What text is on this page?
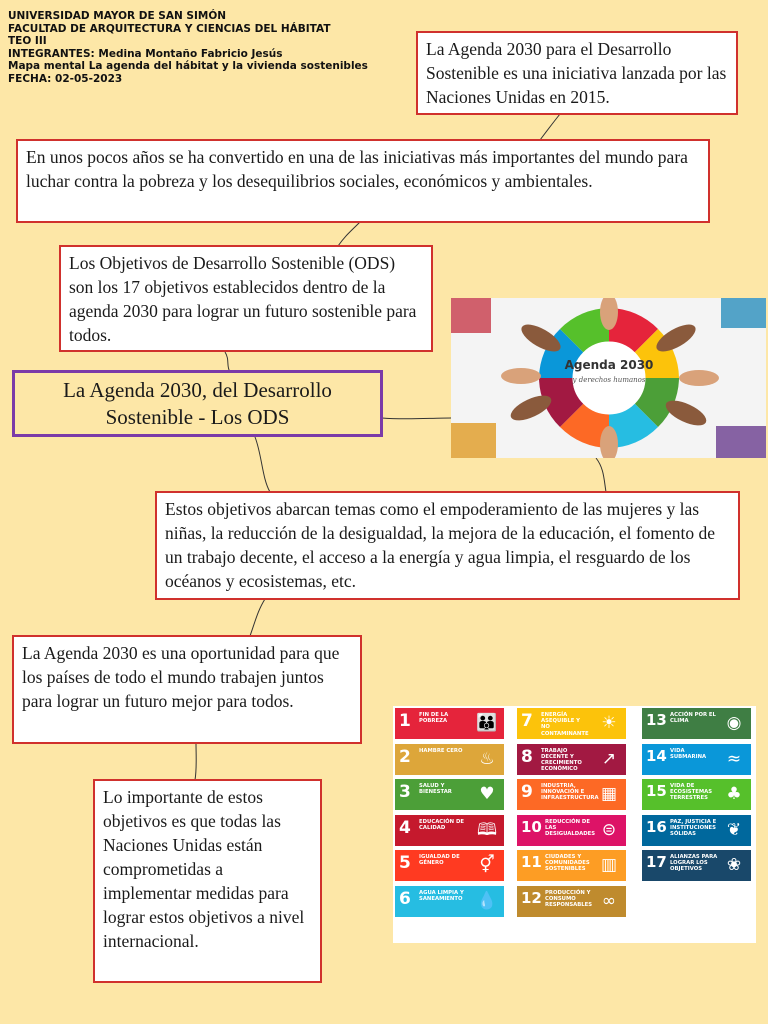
UNIVERSIDAD MAYOR DE SAN SIMÓN
FACULTAD DE ARQUITECTURA Y CIENCIAS DEL HÁBITAT
TEO III
INTEGRANTES: Medina Montaño Fabricio Jesús
Mapa mental La agenda del hábitat y la vivienda sostenibles
FECHA: 02-05-2023
La Agenda 2030 para el Desarrollo Sostenible es una iniciativa lanzada por las Naciones Unidas en 2015.
En unos pocos años se ha convertido en una de las iniciativas más importantes del mundo para luchar contra la pobreza y los desequilibrios sociales, económicos y ambientales.
Los Objetivos de Desarrollo Sostenible (ODS) son los 17 objetivos establecidos dentro de la agenda 2030 para lograr un futuro sostenible para todos.
La Agenda 2030, del Desarrollo Sostenible - Los ODS
Estos objetivos abarcan temas como el empoderamiento de las mujeres y las niñas, la reducción de la desigualdad, la mejora de la educación, el fomento de un trabajo decente, el acceso a la energía y agua limpia, el resguardo de los océanos y ecosistemas, etc.
La Agenda 2030 es una oportunidad para que los países de todo el mundo trabajen juntos para lograr un futuro mejor para todos.
Lo importante de estos objetivos es que todas las Naciones Unidas están comprometidas a implementar medidas para lograr estos objetivos a nivel internacional.
Agenda 2030
y derechos humanos
1 FIN DE LA POBREZA	👪
2 HAMBRE CERO ♨
3 SALUD Y BIENESTAR	♥
4 EDUCACIÓN DE CALIDAD	🕮
5 IGUALDAD DE GÉNERO	⚥
6 AGUA LIMPIA Y SANEAMIENTO 💧
7 ENERGÍA ASEQUIBLE Y NO CONTAMINANTE
☀
8 TRABAJO DECENTE Y CRECIMIENTO ECONÓMICO
↗
9 INDUSTRIA, INNOVACIÓN E INFRAESTRUCTURA ▦
10 REDUCCIÓN DE LAS DESIGUALDADES ⊜
11 CIUDADES Y COMUNIDADES SOSTENIBLES ▥
12 PRODUCCIÓN Y CONSUMO RESPONSABLES ∞
13 ACCIÓN POR EL CLIMA	◉
14 VIDA SUBMARINA	≈
15 VIDA DE ECOSISTEMAS TERRESTRES	♣
16 PAZ, JUSTICIA E INSTITUCIONES SÓLIDAS	❦
17 ALIANZAS PARA LOGRAR LOS OBJETIVOS	❀
